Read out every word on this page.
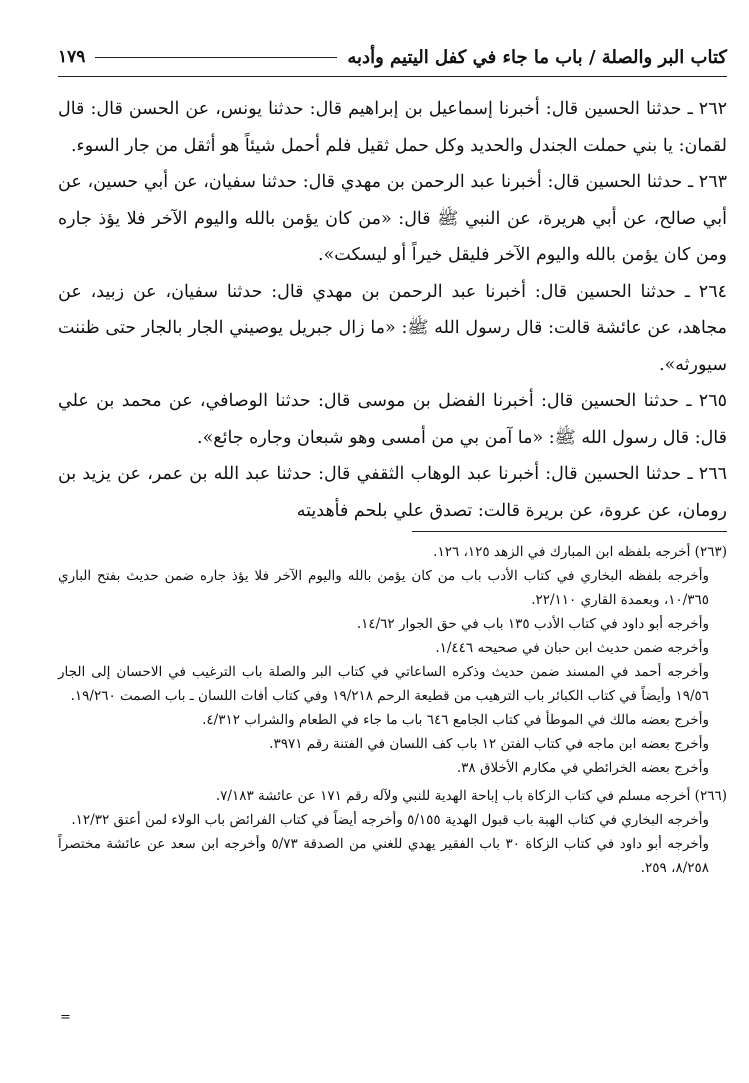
كتاب البر والصلة / باب ما جاء في كفل اليتيم وأدبه
١٧٩

٢٦٢ ـ حدثنا الحسين قال: أخبرنا إسماعيل بن إبراهيم قال: حدثنا يونس، عن الحسن قال: قال لقمان: يا بني حملت الجندل والحديد وكل حمل ثقيل فلم أحمل شيئاً هو أثقل من جار السوء.

٢٦٣ ـ حدثنا الحسين قال: أخبرنا عبد الرحمن بن مهدي قال: حدثنا سفيان، عن أبي حسين، عن أبي صالح، عن أبي هريرة، عن النبي ﷺ قال: «من كان يؤمن بالله واليوم الآخر فلا يؤذ جاره ومن كان يؤمن بالله واليوم الآخر فليقل خيراً أو ليسكت».

٢٦٤ ـ حدثنا الحسين قال: أخبرنا عبد الرحمن بن مهدي قال: حدثنا سفيان، عن زبيد، عن مجاهد، عن عائشة قالت: قال رسول الله ﷺ: «ما زال جبريل يوصيني الجار بالجار حتى ظننت سيورثه».

٢٦٥ ـ حدثنا الحسين قال: أخبرنا الفضل بن موسى قال: حدثنا الوصافي، عن محمد بن علي قال: قال رسول الله ﷺ: «ما آمن بي من أمسى وهو شبعان وجاره جائع».

٢٦٦ ـ حدثنا الحسين قال: أخبرنا عبد الوهاب الثقفي قال: حدثنا عبد الله بن عمر، عن يزيد بن رومان، عن عروة، عن بريرة قالت: تصدق علي بلحم فأهديته

(٢٦٣) أخرجه بلفظه ابن المبارك في الزهد ١٢٥، ١٢٦.

وأخرجه بلفظه البخاري في كتاب الأدب باب من كان يؤمن بالله واليوم الآخر فلا يؤذ جاره ضمن حديث بفتح الباري ١٠/٣٦٥، وبعمدة القاري ٢٢/١١٠.

وأخرجه أبو داود في كتاب الأدب ١٣٥ باب في حق الجوار ١٤/٦٢.

وأخرجه ضمن حديث ابن حبان في صحيحه ١/٤٤٦.

وأخرجه أحمد في المسند ضمن حديث وذكره الساعاتي في كتاب البر والصلة باب الترغيب في الاحسان إلى الجار ١٩/٥٦ وأيضاً في كتاب الكبائر باب الترهيب من قطيعة الرحم ١٩/٢١٨ وفي كتاب أفات اللسان ـ باب الصمت ١٩/٢٦٠.

وأخرج بعضه مالك في الموطأ في كتاب الجامع ٦٤٦ باب ما جاء في الطعام والشراب ٤/٣١٢.

وأخرج بعضه ابن ماجه في كتاب الفتن ١٢ باب كف اللسان في الفتنة رقم ٣٩٧١.

وأخرج بعضه الخرائطي في مكارم الأخلاق ٣٨.

(٢٦٦) أخرجه مسلم في كتاب الزكاة باب إباحة الهدية للنبي ولآله رقم ١٧١ عن عائشة ٧/١٨٣.

وأخرجه البخاري في كتاب الهبة باب قبول الهدية ٥/١٥٥ وأخرجه أيضاً في كتاب الفرائض باب الولاء لمن أعتق ١٢/٣٢.

وأخرجه أبو داود في كتاب الزكاة ٣٠ باب الفقير يهدي للغني من الصدقة ٥/٧٣ وأخرجه ابن سعد عن عائشة مختصراً ٨/٢٥٨، ٢٥٩.

=
